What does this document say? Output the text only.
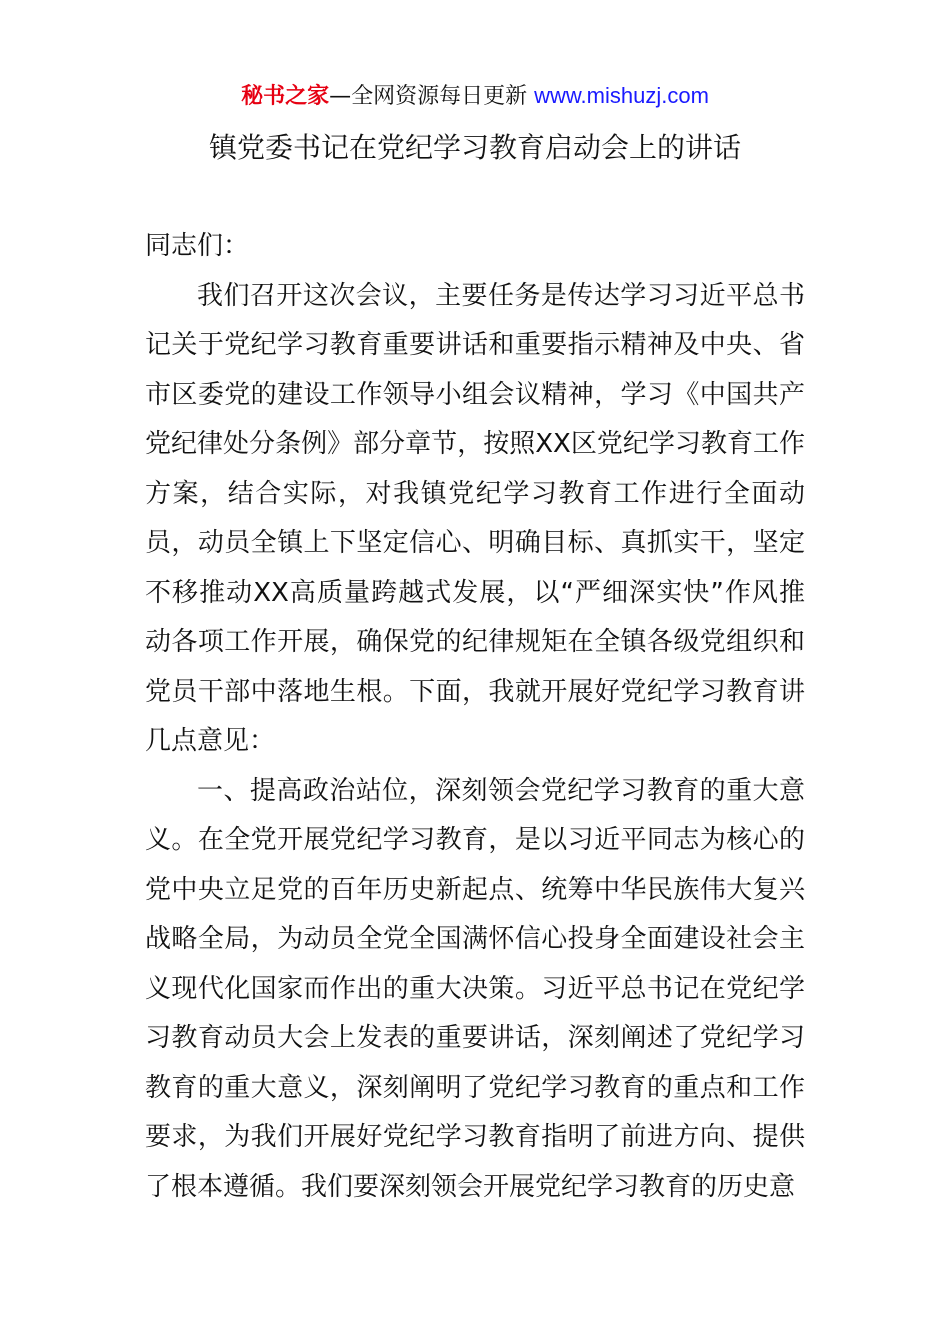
秘书之家—全网资源每日更新 www.mishuzj.com
镇党委书记在党纪学习教育启动会上的讲话

同志们：

我们召开这次会议，主要任务是传达学习习近平总书记关于党纪学习教育重要讲话和重要指示精神及中央、省市区委党的建设工作领导小组会议精神，学习《中国共产党纪律处分条例》部分章节，按照XX区党纪学习教育工作方案，结合实际，对我镇党纪学习教育工作进行全面动员，动员全镇上下坚定信心、明确目标、真抓实干，坚定不移推动XX高质量跨越式发展，以“严细深实快”作风推动各项工作开展，确保党的纪律规矩在全镇各级党组织和党员干部中落地生根。下面，我就开展好党纪学习教育讲几点意见：

一、提高政治站位，深刻领会党纪学习教育的重大意义。在全党开展党纪学习教育，是以习近平同志为核心的党中央立足党的百年历史新起点、统筹中华民族伟大复兴战略全局，为动员全党全国满怀信心投身全面建设社会主义现代化国家而作出的重大决策。习近平总书记在党纪学习教育动员大会上发表的重要讲话，深刻阐述了党纪学习教育的重大意义，深刻阐明了党纪学习教育的重点和工作要求，为我们开展好党纪学习教育指明了前进方向、提供了根本遵循。我们要深刻领会开展党纪学习教育的历史意
